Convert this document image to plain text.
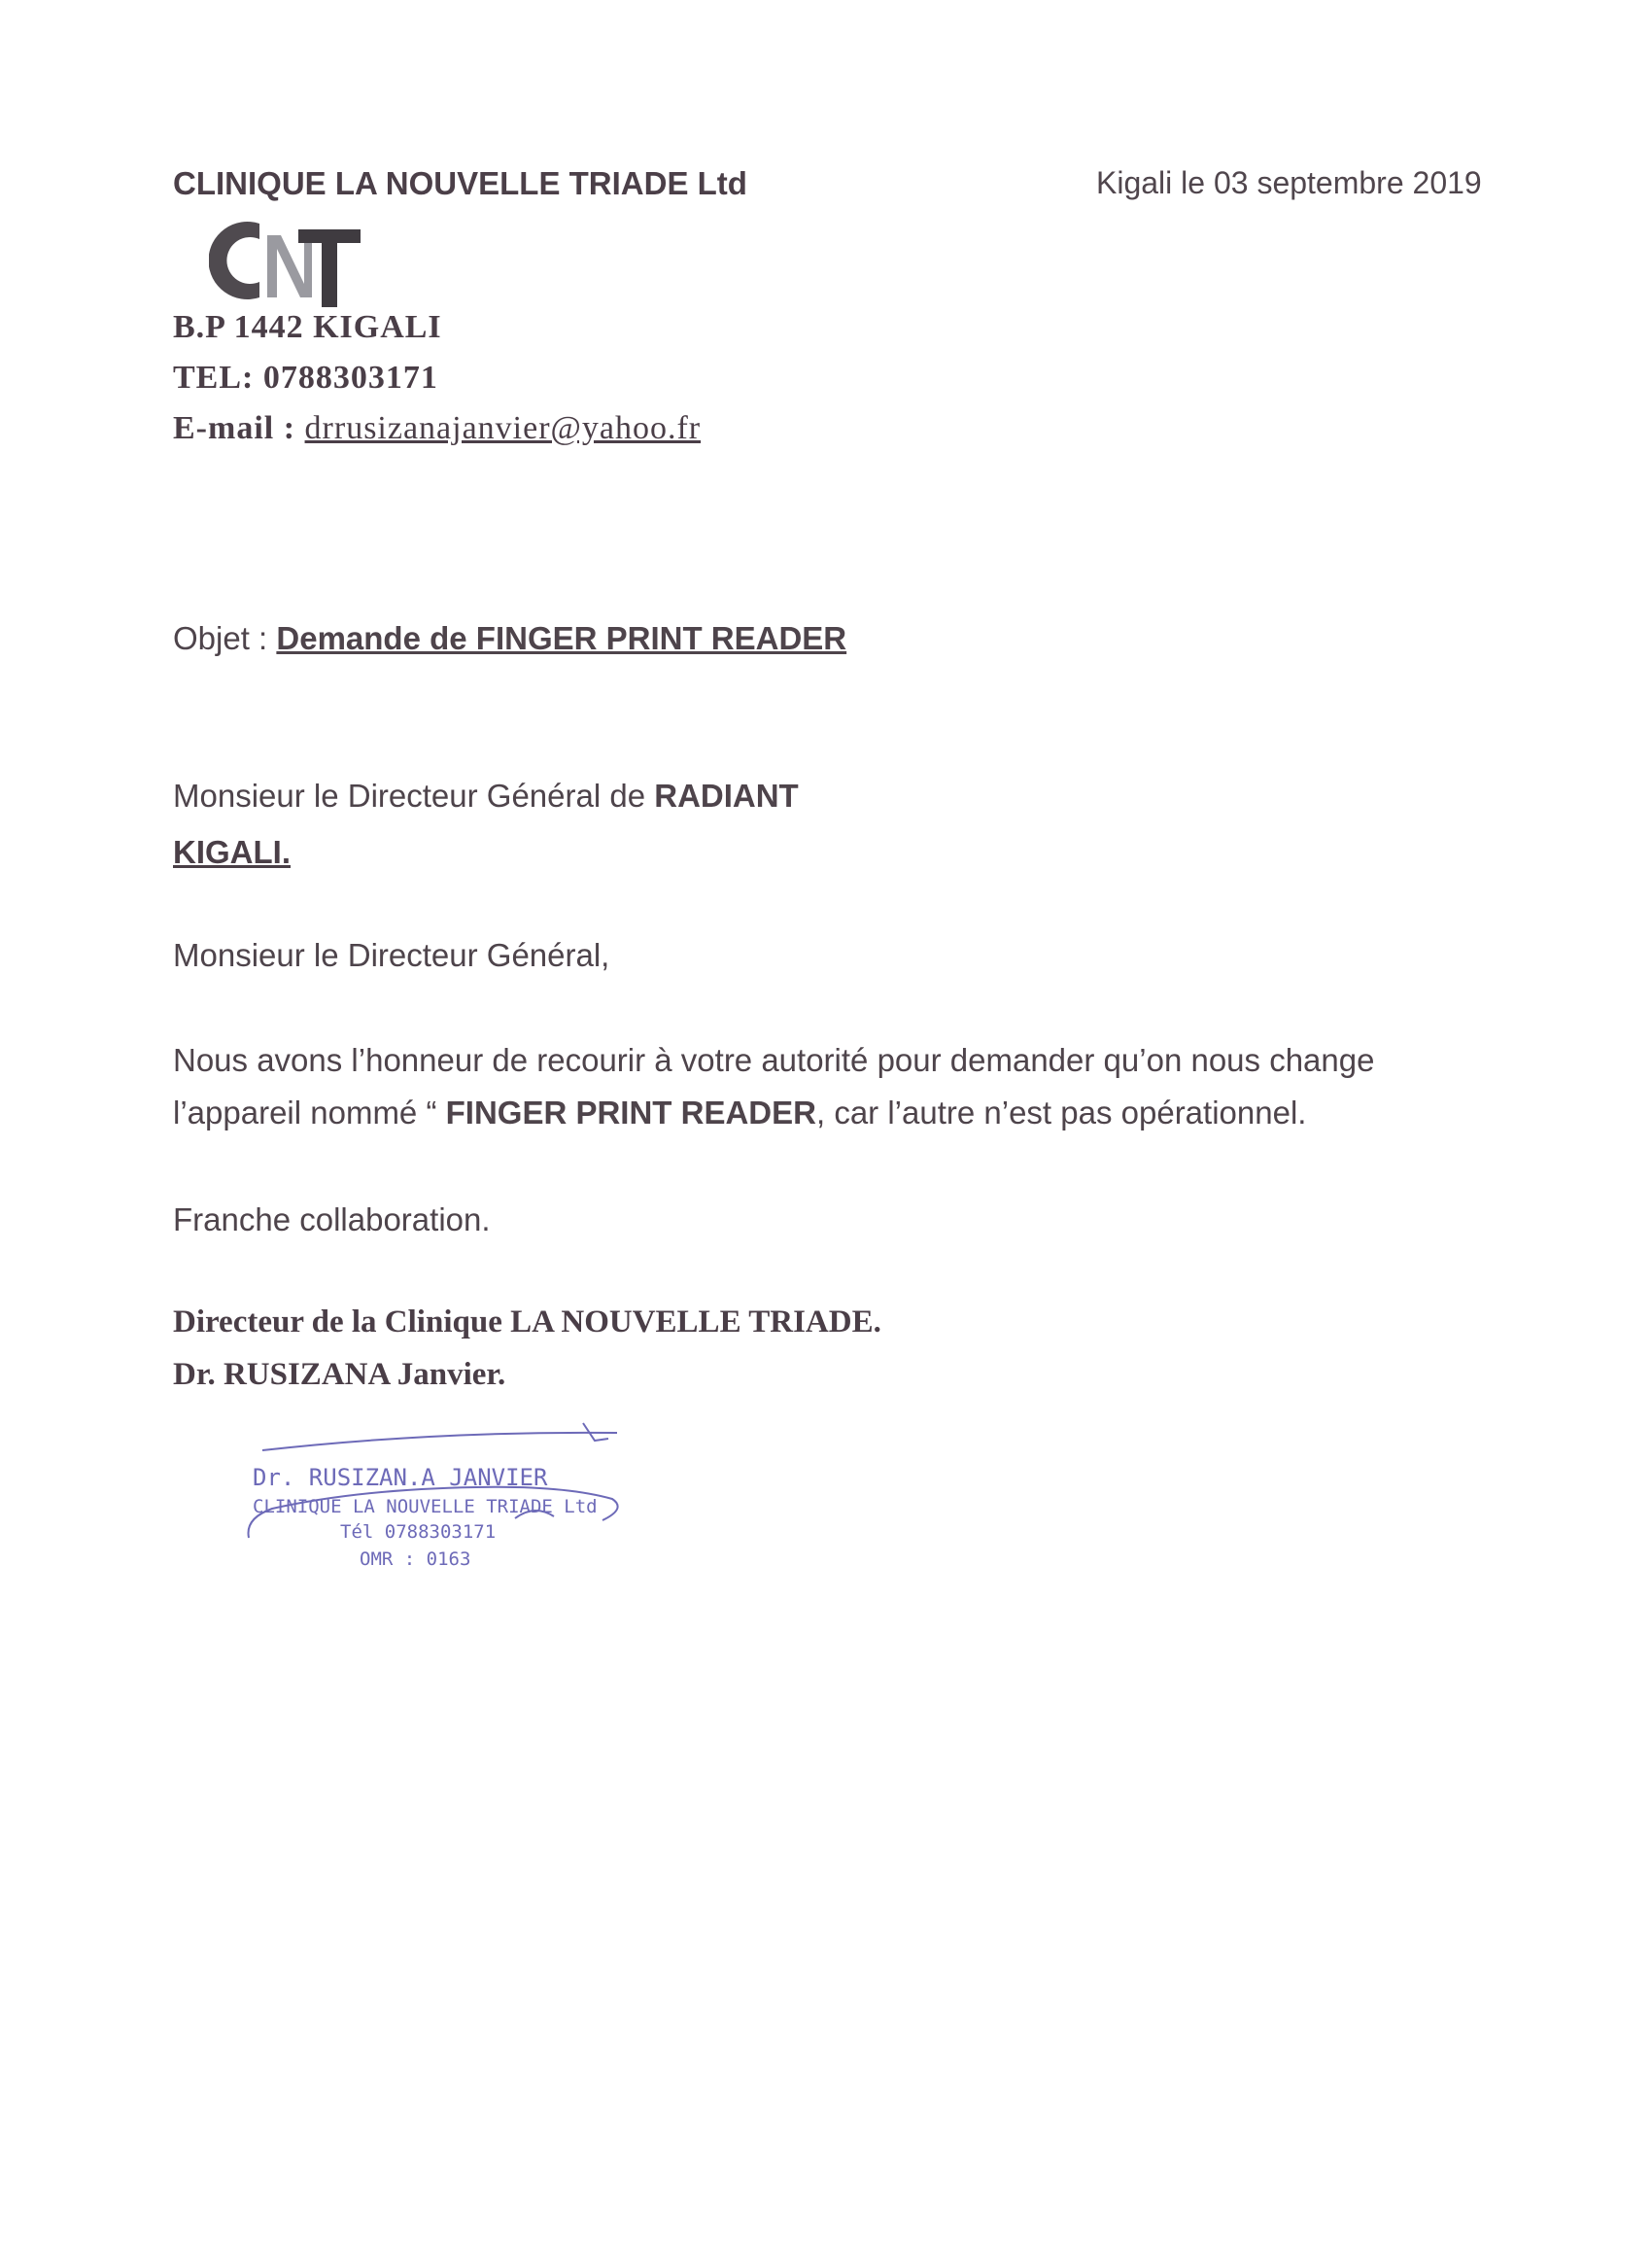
CLINIQUE LA NOUVELLE TRIADE Ltd	Kigali le 03 septembre 2019
B.P 1442 KIGALI
TEL: 0788303171
E-mail : drrusizanajanvier@yahoo.fr
Objet : Demande de FINGER PRINT READER
Monsieur le Directeur Général de RADIANT
KIGALI.
Monsieur le Directeur Général,
Nous avons l’honneur de recourir à votre autorité pour demander qu’on nous change
l’appareil nommé “ FINGER PRINT READER, car l’autre n’est pas opérationnel.
Franche collaboration.
Directeur de la Clinique LA NOUVELLE TRIADE.
Dr. RUSIZANA Janvier.
Dr. RUSIZAN.A JANVIER
CLINIQUE LA NOUVELLE TRIADE Ltd
Tél 0788303171
OMR : 0163
